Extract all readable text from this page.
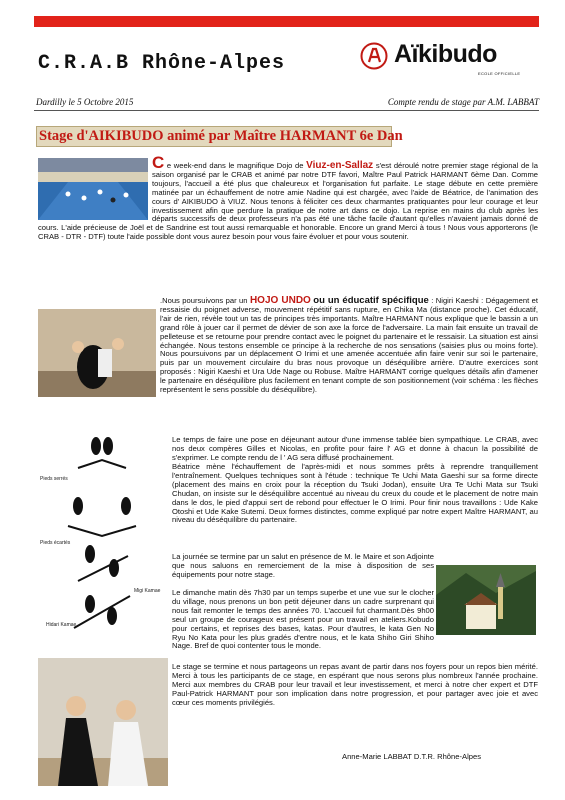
C.R.A.B Rhône-Alpes	Aïkibudo
ECOLE OFFICIELLE
Dardilly le 5 Octobre 2015	Compte rendu de stage par A.M. LABBAT
Stage d'AIKIBUDO animé par Maître HARMANT 6e Dan
C e week-end dans le magnifique Dojo de Viuz-en-Sallaz s'est déroulé notre premier stage régional de la saison organisé par le CRAB et animé par notre DTF favori, Maître Paul Patrick HARMANT 6ème Dan. Comme toujours, l'accueil a été plus que chaleureux et l'organisation fut parfaite. Le stage débute en cette première matinée par un échauffement de notre amie Nadine qui est chargée, avec l'aide de Béatrice, de l'animation des cours d' AIKIBUDO à VIUZ. Nous tenons à féliciter ces deux charmantes pratiquantes pour leur courage et leur investissement afin que perdure la pratique de notre art dans ce dojo. La reprise en mains du club après les départs successifs de deux professeurs n'a pas été une tâche facile d'autant qu'elles n'avaient jamais donné de cours. L'aide précieuse de Joël et de Sandrine est tout aussi remarquable et honorable. Encore un grand Merci à tous ! Nous vous apporterons (le CRAB - DTR - DTF) toute l'aide possible dont vous aurez besoin pour vous faire évoluer et pour vous soutenir.
.Nous poursuivons par un HOJO UNDO ou un éducatif spécifique : Nigiri Kaeshi : Dégagement et ressaisie du poignet adverse, mouvement répétitif sans rupture, en Chika Ma (distance proche). Cet éducatif, l'air de rien, révèle tout un tas de principes très importants. Maître HARMANT nous explique que le bassin a un grand rôle à jouer car il permet de dévier de son axe la force de l'adversaire. La main fait ensuite un travail de pelleteuse et se retourne pour prendre contact avec le poignet du partenaire et le ressaisir. La situation est ainsi échangée. Nous testons ensemble ce principe à la recherche de nos sensations (saisies plus ou moins forte). Nous poursuivons par un déplacement O Irimi et une amenée accentuée afin faire venir sur soi le partenaire, puis par un mouvement circulaire du bras nous provoque un déséquilibre arrière. D'autre exercices sont proposés : Nigiri Kaeshi et Ura Ude Nage ou Robuse. Maître HARMANT corrige quelques détails afin d'amener le partenaire en déséquilibre plus facilement en tenant compte de son positionnement (voir schéma : les flèches représentent le sens possible du déséquilibre).
Pieds serrés
Pieds écartés
Migi Kamae
Hidari Kamae
Le temps de faire une pose en déjeunant autour d'une immense tablée bien sympathique. Le CRAB, avec nos deux compères Gilles et Nicolas, en profite pour faire l' AG et donne à chacun la possibilité de s'exprimer. Le compte rendu de l ' AG sera diffusé prochainement.
Béatrice mène l'échauffement de l'après-midi et nous sommes prêts à reprendre tranquillement l'entraînement. Quelques techniques sont à l'étude : technique Te Uchi Mata Gaeshi sur sa forme directe (placement des mains en croix pour la réception du Tsuki Jodan), ensuite Ura Te Uchi Mata sur Tsuki Chudan, on insiste sur le déséquilibre accentué au niveau du creux du coude et le placement de notre main dans le dos, le pied d'appui sert de rebond pour effectuer le O Irimi. Pour finir nous travaillons : Ude Kake Otoshi et Ude Kake Sutemi. Deux formes distinctes, comme expliqué par notre expert Maître HARMANT, au niveau du déséquilibre du partenaire.
La journée se termine par un salut en présence de M. le Maire et son Adjointe que nous saluons en remerciement de la mise à disposition de ses équipements pour notre stage.
Le dimanche matin dès 7h30 par un temps superbe et une vue sur le clocher du village, nous prenons un bon petit déjeuner dans un cadre surprenant qui nous fait remonter le temps des années 70. L'accueil fut charmant.Dès 9h00 seul un groupe de courageux est présent pour un travail en ateliers.Kobudo pour certains, et reprises des bases, katas. Pour d'autres, le kata Gen No Ryu No Kata pour les plus gradés d'entre nous, et le kata Shiho Giri Shiho Nage. Bref de quoi contenter tous le monde.
Le stage se termine et nous partageons un repas avant de partir dans nos foyers pour un repos bien mérité. Merci à tous les participants de ce stage, en espérant que nous serons plus nombreux l'année prochaine. Merci aux membres du CRAB pour leur travail et leur investissement, et merci à notre cher expert et DTF Paul-Patrick HARMANT pour son implication dans notre progression, et pour partager avec joie et avec cœur ces moments privilégiés.
Anne-Marie LABBAT D.T.R. Rhône-Alpes
